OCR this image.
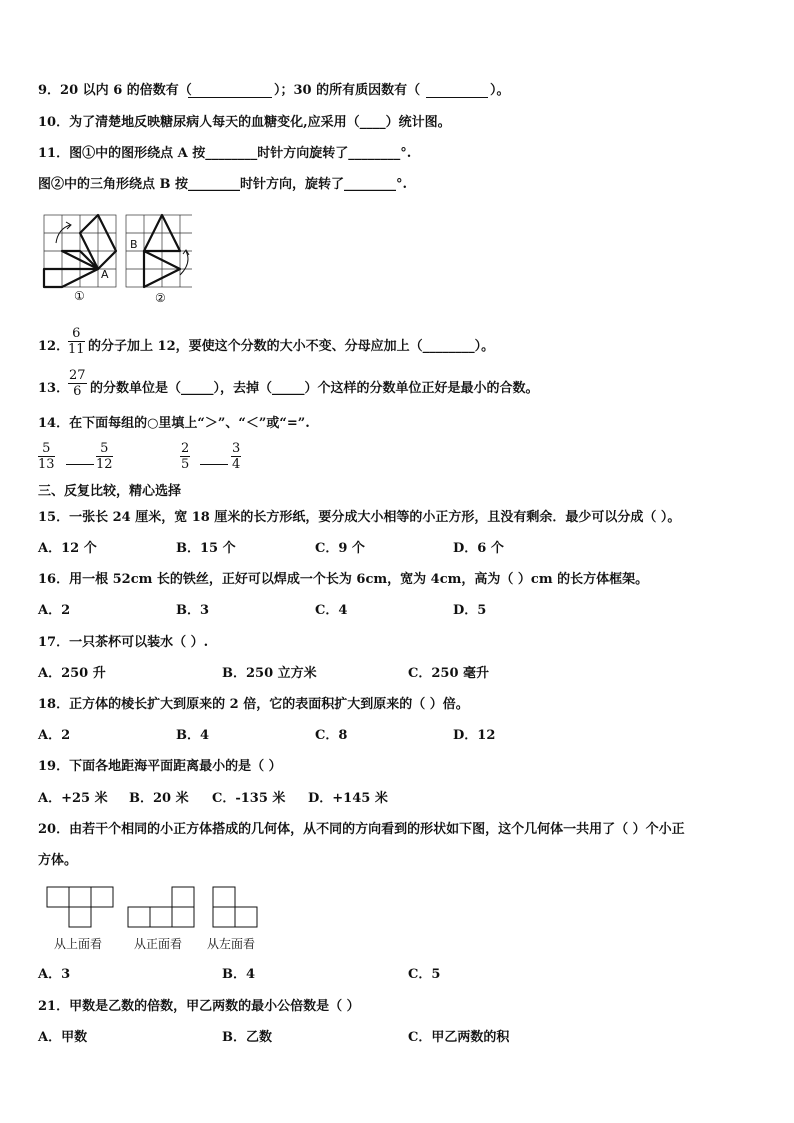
9．20 以内 6 的倍数有（	）；30 的所有质因数有（	）。
10．为了清楚地反映糖尿病人每天的血糖变化,应采用（____）统计图。
11．图①中的图形绕点 A 按________时针方向旋转了________°.
图②中的三角形绕点 B 按________时针方向，旋转了________°.
A
B
①	②
12．
$\frac{6}{11}$ 的分子加上 12，要使这个分数的大小不变、分母应加上（________）。
13．
$\frac{27}{6}$ 的分数单位是（_____），去掉（_____）个这样的分数单位正好是最小的合数。
14．在下面每组的○里填上“＞”、“＜”或“=”.
$\frac{5}{13}$	$\frac{5}{12}$	$\frac{2}{5}$	$\frac{3}{4}$
三、反复比较，精心选择
15．一张长 24 厘米，宽 18 厘米的长方形纸，要分成大小相等的小正方形，且没有剩余．最少可以分成（ ）。
A．12 个	B．15 个	C．9 个	D．6 个
16．用一根 52cm 长的铁丝，正好可以焊成一个长为 6cm，宽为 4cm，高为（ ）cm 的长方体框架。
A．2	B．3	C．4	D．5
17．一只茶杯可以装水（ ）.
A．250 升	B．250 立方米	C．250 毫升
18．正方体的棱长扩大到原来的 2 倍，它的表面积扩大到原来的（ ）倍。
A．2	B．4	C．8	D．12
19．下面各地距海平面距离最小的是（ ）
A．+25 米 B．20 米 C．-135 米 D．+145 米
20．由若干个相同的小正方体搭成的几何体，从不同的方向看到的形状如下图，这个几何体一共用了（ ）个小正
方体。
从上面看	从正面看 从左面看
A．3	B．4	C．5
21．甲数是乙数的倍数，甲乙两数的最小公倍数是（ ）
A．甲数	B．乙数	C．甲乙两数的积
